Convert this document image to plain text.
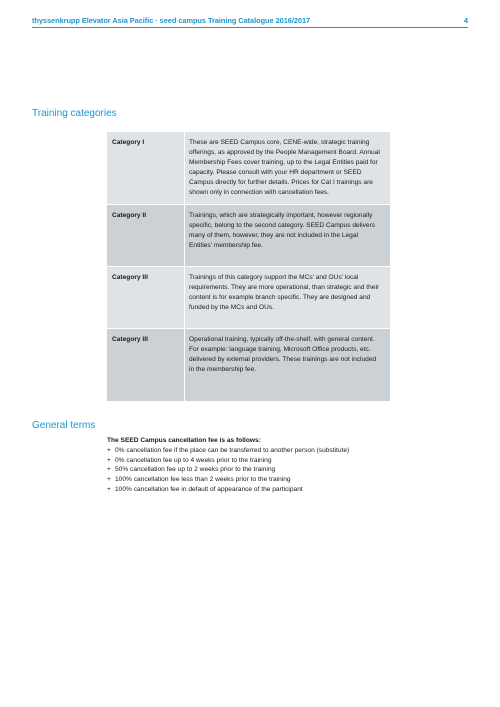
thyssenkrupp Elevator Asia Pacific · seed campus Training Catalogue 2016/2017	4
Training categories
Category I	These are SEED Campus core, CENE-wide, strategic training offerings, as approved by the People Management Board. Annual Membership Fees cover training, up to the Legal Entities paid for capacity. Please consult with your HR department or SEED Campus directly for further details. Prices for Cat I trainings are shown only in connection with cancellation fees.
Category II	Trainings, which are strategically important, however regionally specific, belong to the second category. SEED Campus delivers many of them, however, they are not included in the Legal Entities' membership fee.
Category III	Trainings of this category support the MCs' and OUs' local requirements. They are more operational, than strategic and their content is for example branch specific. They are designed and funded by the MCs and OUs.
Category III	Operational training, typically off-the-shelf, with general content. For example: language training, Microsoft Office products, etc. delivered by external providers. These trainings are not included in the membership fee.
General terms
The SEED Campus cancellation fee is as follows:
+ 0% cancellation fee if the place can be transferred to another person (substitute)
+ 0% cancellation fee up to 4 weeks prior to the training
+ 50% cancellation fee up to 2 weeks prior to the training
+ 100% cancellation fee less than 2 weeks prior to the training
+ 100% cancellation fee in default of appearance of the participant
